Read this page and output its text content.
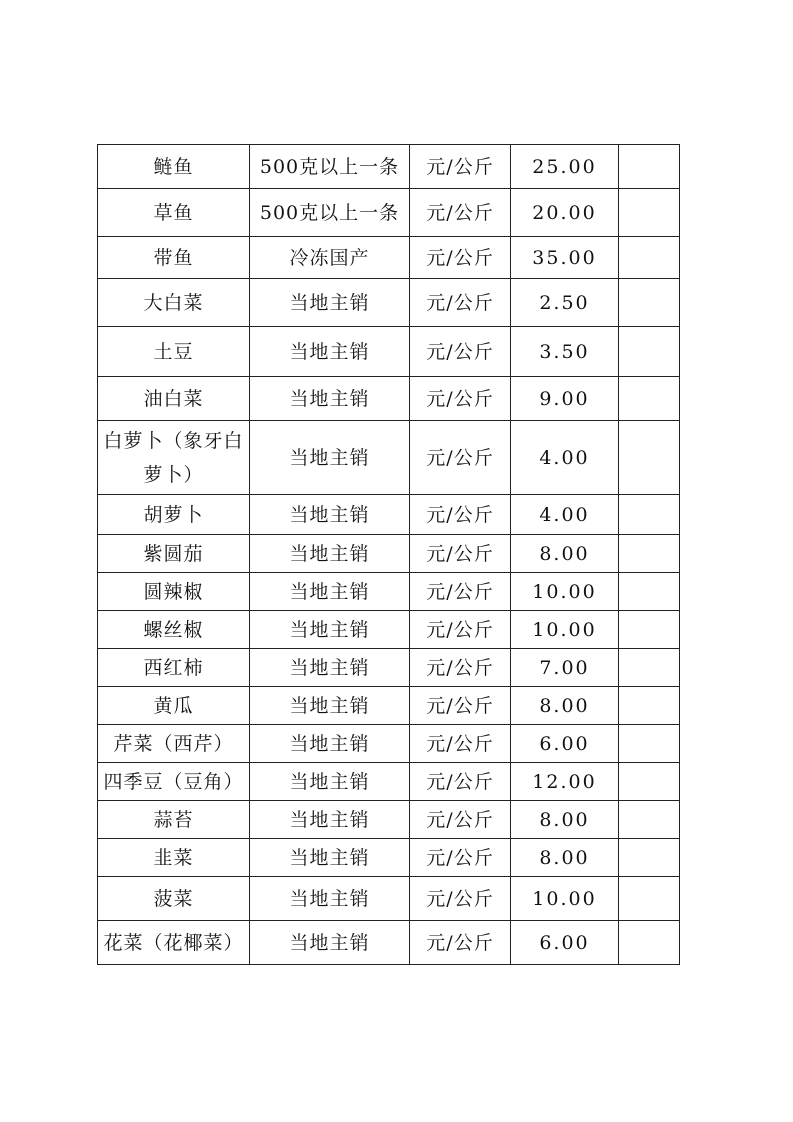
鲢鱼	500克以上一条	元/公斤	25.00	
草鱼	500克以上一条	元/公斤	20.00	
带鱼	冷冻国产	元/公斤	35.00	
大白菜	当地主销	元/公斤	2.50	
土豆	当地主销	元/公斤	3.50	
油白菜	当地主销	元/公斤	9.00	
白萝卜（象牙白萝卜）	当地主销	元/公斤	4.00	
胡萝卜	当地主销	元/公斤	4.00	
紫圆茄	当地主销	元/公斤	8.00	
圆辣椒	当地主销	元/公斤	10.00	
螺丝椒	当地主销	元/公斤	10.00	
西红柿	当地主销	元/公斤	7.00	
黄瓜	当地主销	元/公斤	8.00	
芹菜（西芹）	当地主销	元/公斤	6.00	
四季豆（豆角）	当地主销	元/公斤	12.00	
蒜苔	当地主销	元/公斤	8.00	
韭菜	当地主销	元/公斤	8.00	
菠菜	当地主销	元/公斤	10.00	
花菜（花椰菜）	当地主销	元/公斤	6.00	
